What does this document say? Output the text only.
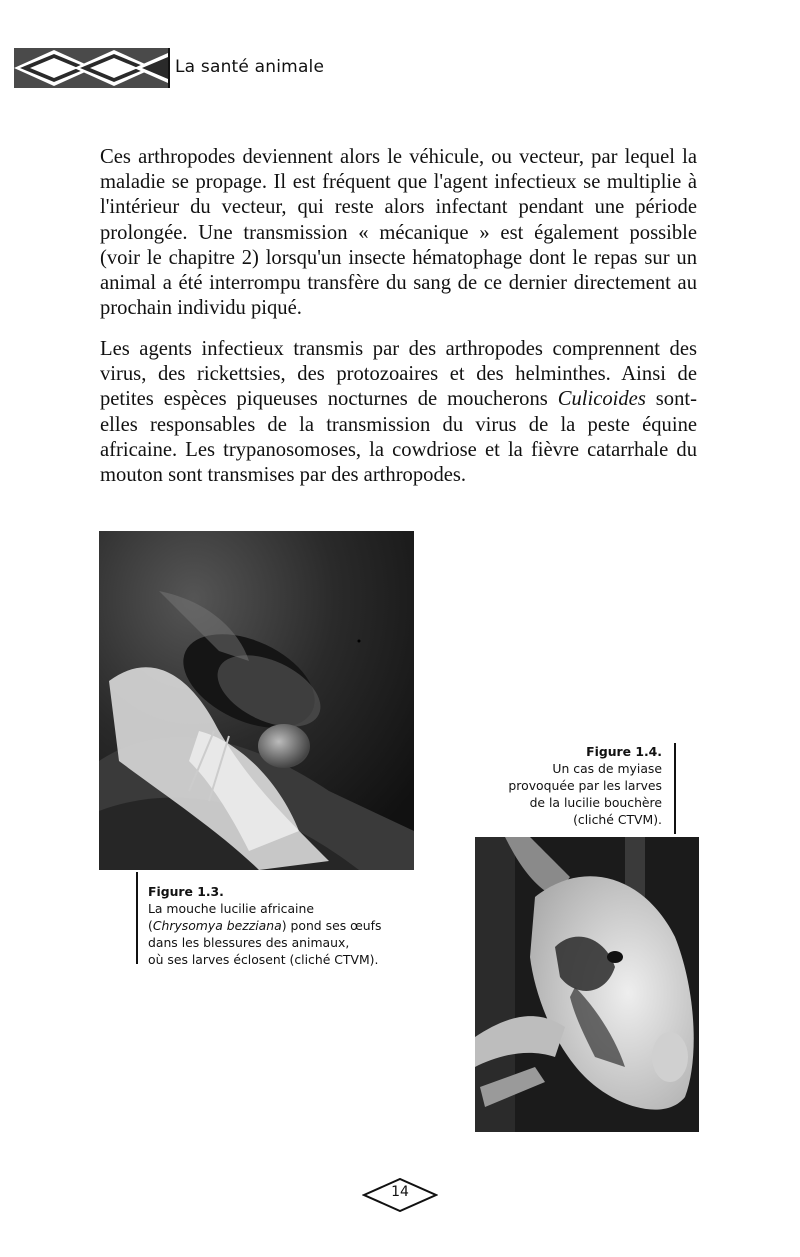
La santé animale
Ces arthropodes deviennent alors le véhicule, ou vecteur, par lequel la maladie se propage. Il est fréquent que l'agent infectieux se multiplie à l'intérieur du vecteur, qui reste alors infectant pendant une période prolongée. Une transmission « mécanique » est également possible (voir le chapitre 2) lorsqu'un insecte hématophage dont le repas sur un animal a été interrompu transfère du sang de ce dernier directement au prochain individu piqué.
Les agents infectieux transmis par des arthropodes comprennent des virus, des rickettsies, des protozoaires et des helminthes. Ainsi de petites espèces piqueuses nocturnes de moucherons Culicoides sont-elles responsables de la transmission du virus de la peste équine africaine. Les trypanosomoses, la cowdriose et la fièvre catarrhale du mouton sont transmises par des arthropodes.
Figure 1.3.
La mouche lucilie africaine
(Chrysomya bezziana) pond ses œufs
dans les blessures des animaux,
où ses larves éclosent (cliché CTVM).
Figure 1.4.
Un cas de myiase
provoquée par les larves
de la lucilie bouchère
(cliché CTVM).
14
